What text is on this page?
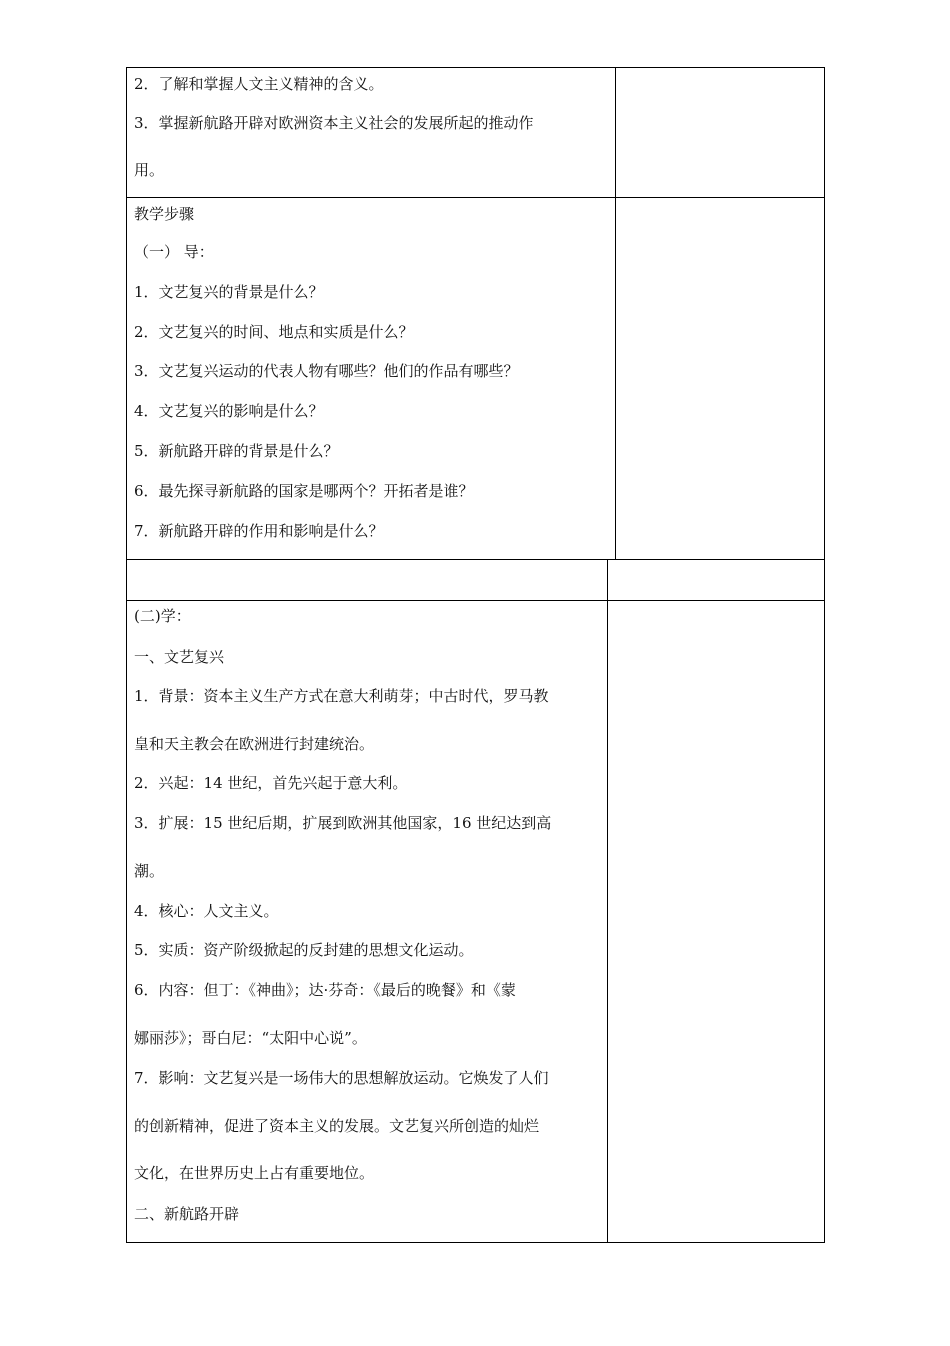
2．了解和掌握人文主义精神的含义。
3．掌握新航路开辟对欧洲资本主义社会的发展所起的推动作
用。
教学步骤
（一） 导：
1．文艺复兴的背景是什么？
2．文艺复兴的时间、地点和实质是什么？
3．文艺复兴运动的代表人物有哪些？他们的作品有哪些？
4．文艺复兴的影响是什么？
5．新航路开辟的背景是什么？
6．最先探寻新航路的国家是哪两个？开拓者是谁？
7．新航路开辟的作用和影响是什么？
(二)学：
一、文艺复兴
1．背景：资本主义生产方式在意大利萌芽；中古时代，罗马教
皇和天主教会在欧洲进行封建统治。
2．兴起：14 世纪，首先兴起于意大利。
3．扩展：15 世纪后期，扩展到欧洲其他国家，16 世纪达到高
潮。
4．核心：人文主义。
5．实质：资产阶级掀起的反封建的思想文化运动。
6．内容：但丁：《神曲》；达·芬奇：《最后的晚餐》和《蒙
娜丽莎》；哥白尼：“太阳中心说”。
7．影响：文艺复兴是一场伟大的思想解放运动。它焕发了人们
的创新精神，促进了资本主义的发展。文艺复兴所创造的灿烂
文化，在世界历史上占有重要地位。
二、新航路开辟
